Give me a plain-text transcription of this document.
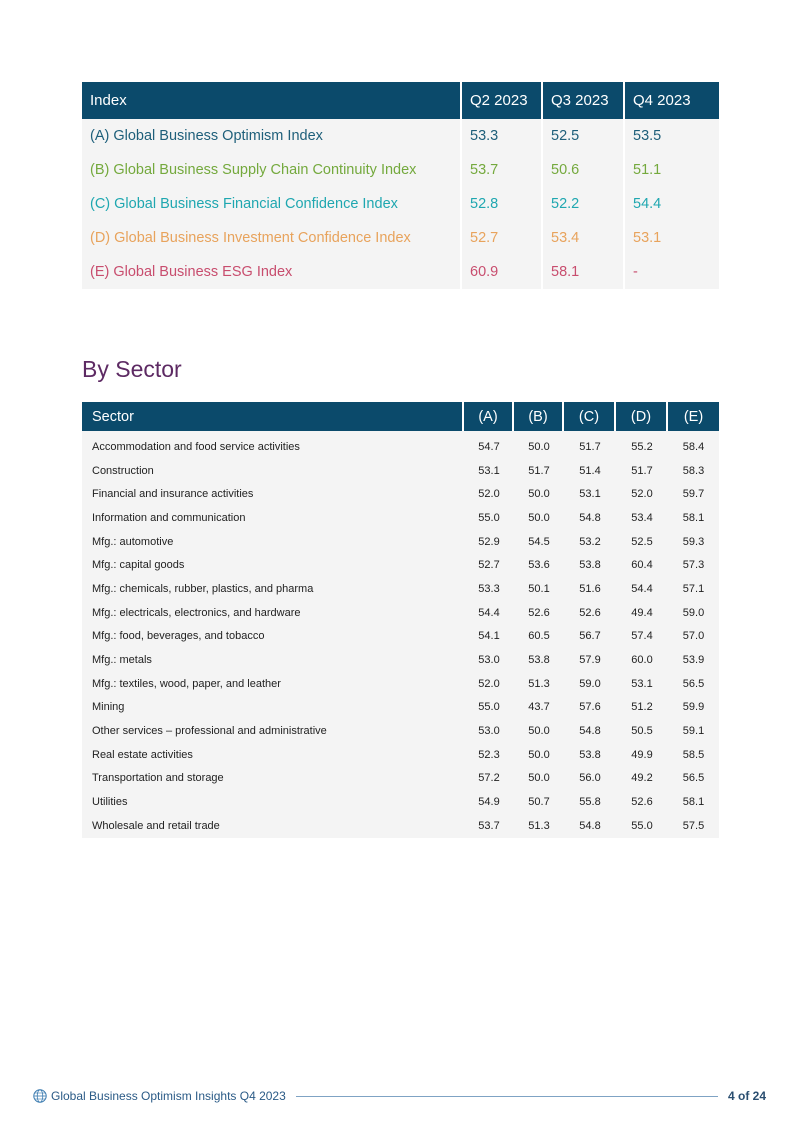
Index	Q2 2023	Q3 2023	Q4 2023
(A) Global Business Optimism Index	53.3	52.5	53.5
(B) Global Business Supply Chain Continuity Index	53.7	50.6	51.1
(C) Global Business Financial Confidence Index	52.8	52.2	54.4
(D) Global Business Investment Confidence Index	52.7	53.4	53.1
(E) Global Business ESG Index	60.9	58.1	-
By Sector
Sector	(A)	(B)	(C)	(D)	(E)
Accommodation and food service activities	54.7	50.0	51.7	55.2	58.4
Construction	53.1	51.7	51.4	51.7	58.3
Financial and insurance activities	52.0	50.0	53.1	52.0	59.7
Information and communication	55.0	50.0	54.8	53.4	58.1
Mfg.: automotive	52.9	54.5	53.2	52.5	59.3
Mfg.: capital goods	52.7	53.6	53.8	60.4	57.3
Mfg.: chemicals, rubber, plastics, and pharma	53.3	50.1	51.6	54.4	57.1
Mfg.: electricals, electronics, and hardware	54.4	52.6	52.6	49.4	59.0
Mfg.: food, beverages, and tobacco	54.1	60.5	56.7	57.4	57.0
Mfg.: metals	53.0	53.8	57.9	60.0	53.9
Mfg.: textiles, wood, paper, and leather	52.0	51.3	59.0	53.1	56.5
Mining	55.0	43.7	57.6	51.2	59.9
Other services – professional and administrative	53.0	50.0	54.8	50.5	59.1
Real estate activities	52.3	50.0	53.8	49.9	58.5
Transportation and storage	57.2	50.0	56.0	49.2	56.5
Utilities	54.9	50.7	55.8	52.6	58.1
Wholesale and retail trade	53.7	51.3	54.8	55.0	57.5
Global Business Optimism Insights Q4 2023	4 of 24
